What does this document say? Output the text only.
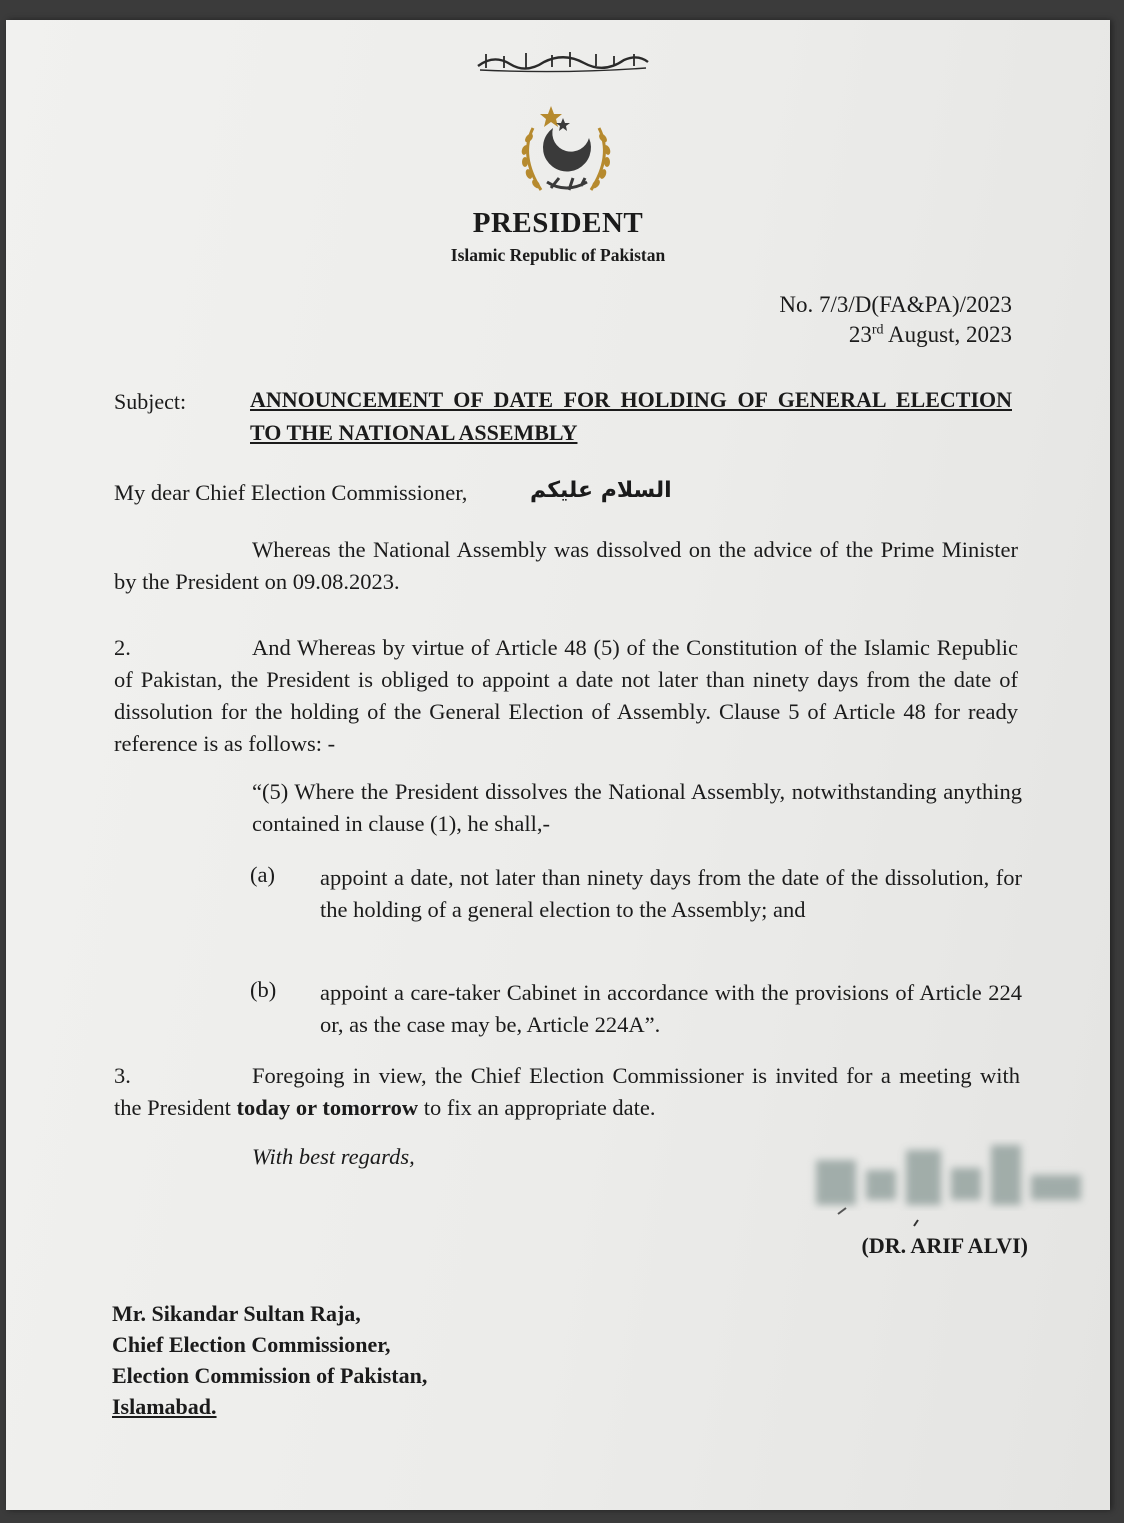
PRESIDENT
Islamic Republic of Pakistan
No. 7/3/D(FA&PA)/2023
23rd August, 2023
Subject:	ANNOUNCEMENT OF DATE FOR HOLDING OF GENERAL ELECTION TO THE NATIONAL ASSEMBLY
My dear Chief Election Commissioner,	السلام علیکم
Whereas the National Assembly was dissolved on the advice of the Prime Minister by the President on 09.08.2023.
2.	And Whereas by virtue of Article 48 (5) of the Constitution of the Islamic Republic of Pakistan, the President is obliged to appoint a date not later than ninety days from the date of dissolution for the holding of the General Election of Assembly. Clause 5 of Article 48 for ready reference is as follows: -
“(5) Where the President dissolves the National Assembly, notwithstanding anything contained in clause (1), he shall,-
(a) appoint a date, not later than ninety days from the date of the dissolution, for the holding of a general election to the Assembly; and
(b) appoint a care-taker Cabinet in accordance with the provisions of Article 224 or, as the case may be, Article 224A”.
3.	Foregoing in view, the Chief Election Commissioner is invited for a meeting with the President today or tomorrow to fix an appropriate date.
With best regards,
(DR. ARIF ALVI)
Mr. Sikandar Sultan Raja,
Chief Election Commissioner,
Election Commission of Pakistan,
Islamabad.
